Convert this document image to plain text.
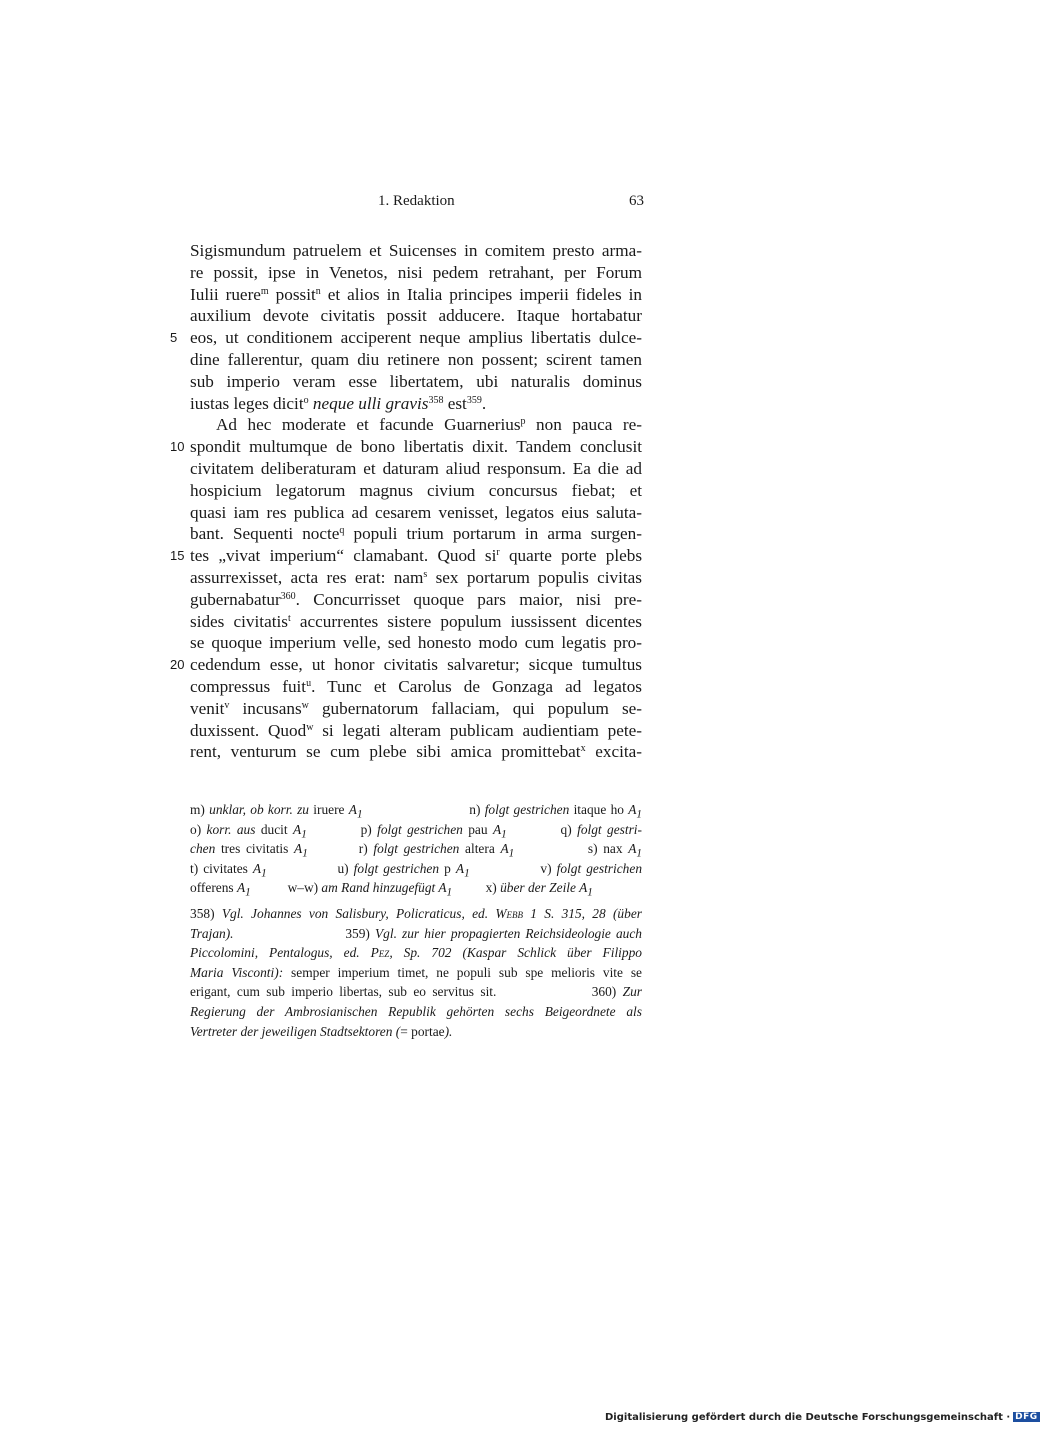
1. Redaktion	63
Sigismundum patruelem et Suicenses in comitem presto arma-
re possit, ipse in Venetos, nisi pedem retrahant, per Forum
Iulii ruere$^m$ possit$^n$ et alios in Italia principes imperii fideles in
auxilium devote civitatis possit adducere. Itaque hortabatur
5 eos, ut conditionem acciperent neque amplius libertatis dulce-
dine fallerentur, quam diu retinere non possent; scirent tamen
sub imperio veram esse libertatem, ubi naturalis dominus
iustas leges dicit$^o$ neque ulli gravis$^{358}$ est$^{359}$.
Ad hec moderate et facunde Guarnerius$^p$ non pauca re-
10 spondit multumque de bono libertatis dixit. Tandem conclusit
civitatem deliberaturam et daturam aliud responsum. Ea die ad
hospicium legatorum magnus civium concursus fiebat; et
quasi iam res publica ad cesarem venisset, legatos eius saluta-
bant. Sequenti nocte$^q$ populi trium portarum in arma surgen-
15 tes „vivat imperium“ clamabant. Quod $si^r$ quarte porte plebs
assurrexisset, acta res erat: nam$^s$ sex portarum populis civitas
gubernabatur$^{360}$. Concurrisset quoque pars maior, nisi pre-
sides civitatis$^t$ accurrentes sistere populum iussissent dicentes
se quoque imperium velle, sed honesto modo cum legatis pro-
20 cedendum esse, ut honor civitatis salvaretur; sicque tumultus
compressus fuit$^u$. Tunc et Carolus de Gonzaga ad legatos
venit$^v$ incusans$^w$ gubernatorum fallaciam, qui populum se-
duxissent. Quod$^w$ si legati alteram publicam audientiam pete-
rent, venturum se cum plebe sibi amica promittebat$^x$ excita-
m) unklar, ob korr. zu iruere $A_1$                         n) folgt gestrichen itaque ho $A_1$
o) korr. aus ducit $A_1$          p) folgt gestrichen pau $A_1$          q) folgt gestri-
chen tres civitatis $A_1$         r) folgt gestrichen altera $A_1$             s) nax $A_1$
t) civitates $A_1$              u) folgt gestrichen p $A_1$              v) folgt gestrichen
offerens $A_1$           w–w) am Rand hinzugefügt $A_1$          x) über der Zeile $A_1$
358) Vgl. Johannes von Salisbury, Policraticus, ed. Webb 1 S. 315, 28 (über
Trajan).                      359) Vgl. zur hier propagierten Reichsideologie auch
Piccolomini, Pentalogus, ed. Pez, Sp. 702 (Kaspar Schlick über Filippo
Maria Visconti): semper imperium timet, ne populi sub spe melioris vite se
erigant, cum sub imperio libertas, sub eo servitus sit.               360) Zur
Regierung der Ambrosianischen Republik gehörten sechs Beigeordnete als
Vertreter der jeweiligen Stadtsektoren (= portae).
Digitalisierung gefördert durch die Deutsche Forschungsgemeinschaft · DFG
